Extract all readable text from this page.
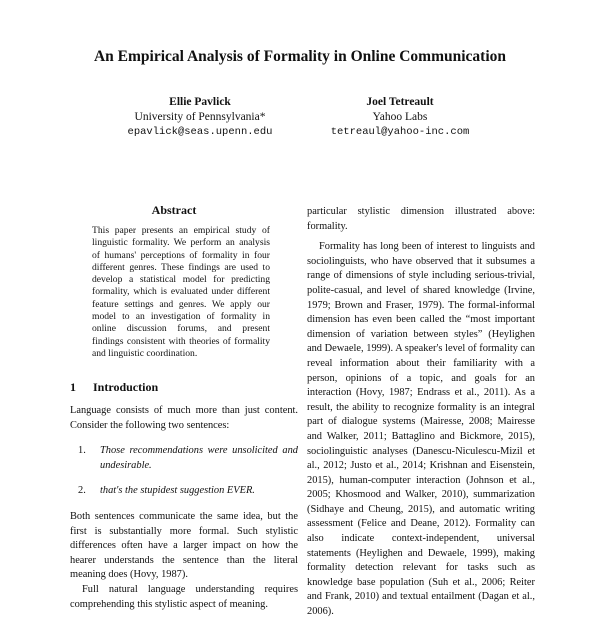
An Empirical Analysis of Formality in Online Communication
Ellie Pavlick
University of Pennsylvania*
epavlick@seas.upenn.edu
Joel Tetreault
Yahoo Labs
tetreaul@yahoo-inc.com
Abstract
This paper presents an empirical study of linguistic formality. We perform an analysis of humans' perceptions of formality in four different genres. These findings are used to develop a statistical model for predicting formality, which is evaluated under different feature settings and genres. We apply our model to an investigation of formality in online discussion forums, and present findings consistent with theories of formality and linguistic coordination.
1 Introduction

Language consists of much more than just content. Consider the following two sentences:

1.	Those recommendations were unsolicited and undesirable.
2.	that's the stupidest suggestion EVER.

Both sentences communicate the same idea, but the first is substantially more formal. Such stylistic differences often have a larger impact on how the hearer understands the sentence than the literal meaning does (Hovy, 1987).

Full natural language understanding requires comprehending this stylistic aspect of meaning.

particular stylistic dimension illustrated above: formality.

Formality has long been of interest to linguists and sociolinguists, who have observed that it subsumes a range of dimensions of style including serious-trivial, polite-casual, and level of shared knowledge (Irvine, 1979; Brown and Fraser, 1979). The formal-informal dimension has even been called the “most important dimension of variation between styles” (Heylighen and Dewaele, 1999). A speaker's level of formality can reveal information about their familiarity with a person, opinions of a topic, and goals for an interaction (Hovy, 1987; Endrass et al., 2011). As a result, the ability to recognize formality is an integral part of dialogue systems (Mairesse, 2008; Mairesse and Walker, 2011; Battaglino and Bickmore, 2015), sociolinguistic analyses (Danescu-Niculescu-Mizil et al., 2012; Justo et al., 2014; Krishnan and Eisenstein, 2015), human-computer interaction (Johnson et al., 2005; Khosmood and Walker, 2010), summarization (Sidhaye and Cheung, 2015), and automatic writing assessment (Felice and Deane, 2012). Formality can also indicate context-independent, universal statements (Heylighen and Dewaele, 1999), making formality detection relevant for tasks such as knowledge base population (Suh et al., 2006; Reiter and Frank, 2010) and textual entailment (Dagan et al., 2006).
